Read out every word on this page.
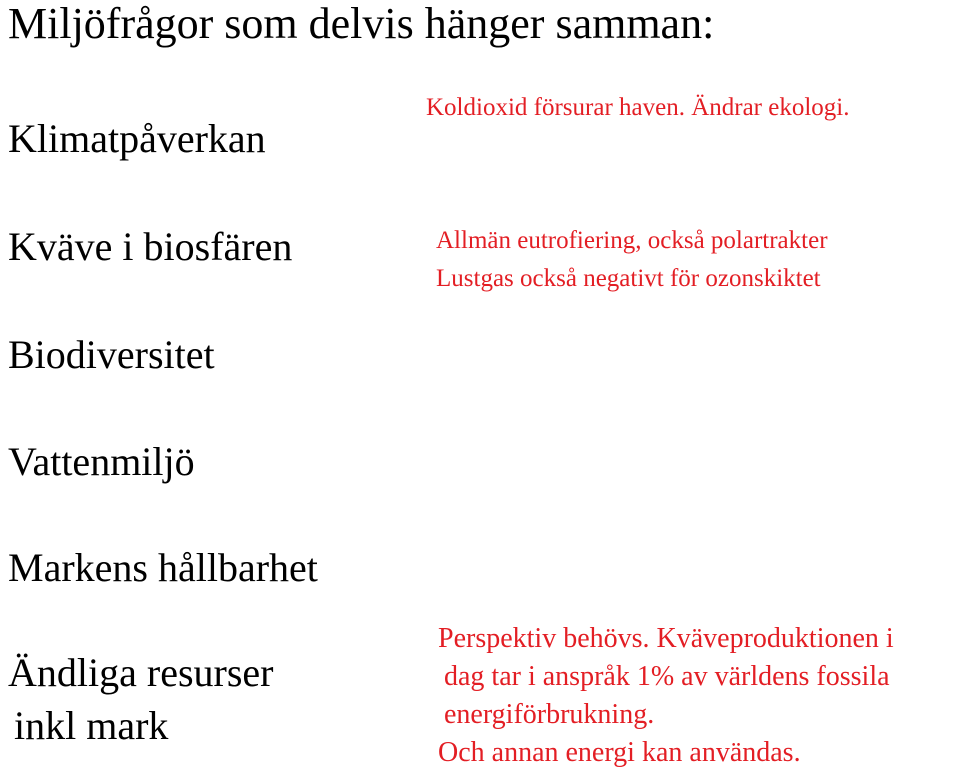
Miljöfrågor som delvis hänger samman:
Klimatpåverkan
Koldioxid försurar haven. Ändrar ekologi.
Kväve i biosfären	Allmän eutrofiering, också polartrakter
Lustgas också negativt för ozonskiktet
Biodiversitet
Vattenmiljö
Markens hållbarhet
Ändliga resurser
inkl mark
Perspektiv behövs. Kväveproduktionen i
dag tar i anspråk 1% av världens fossila
energiförbrukning.
Och annan energi kan användas.
